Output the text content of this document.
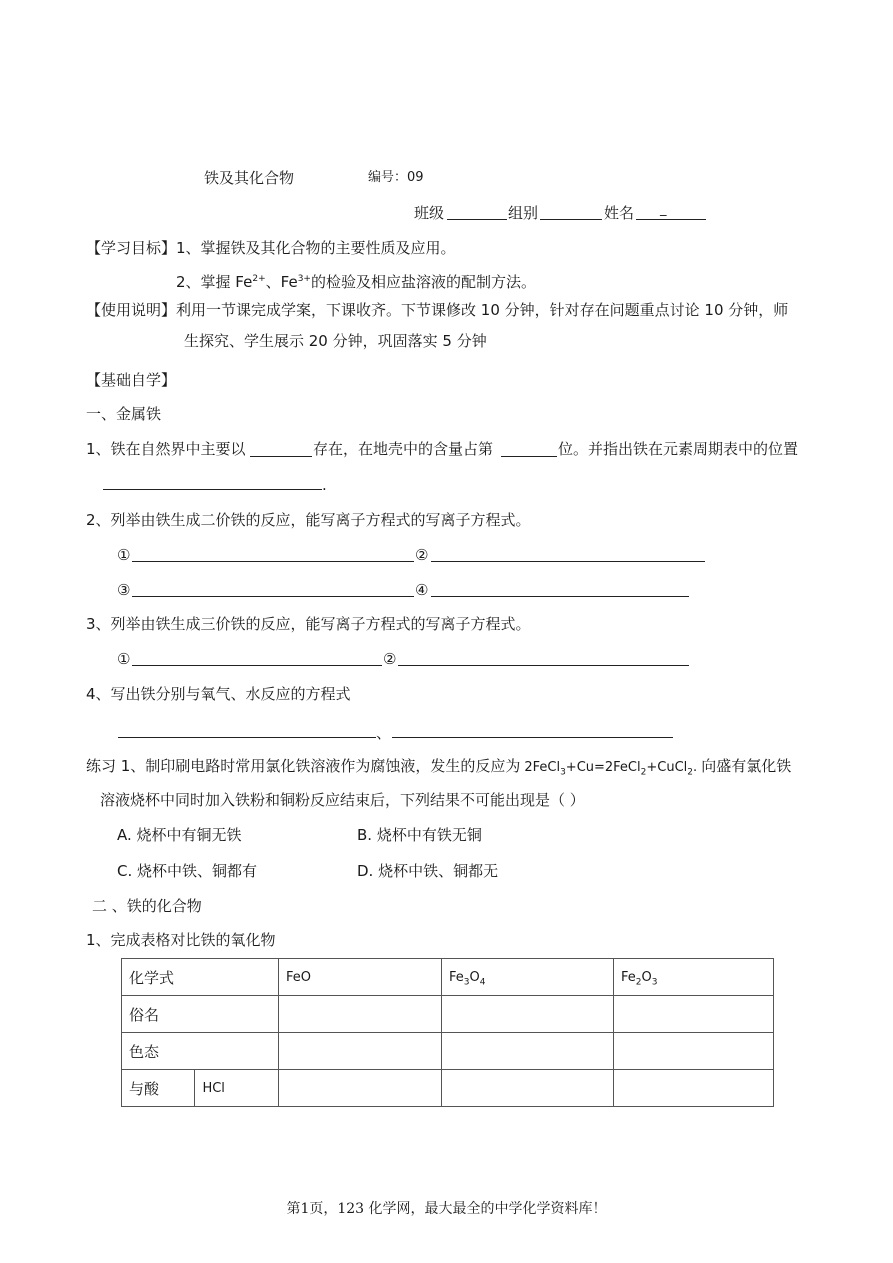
铁及其化合物	编号：09
班级	组别	姓名 _
【学习目标】1、掌握铁及其化合物的主要性质及应用。
2、掌握 $Fe^{2+}$、$Fe^{3+}$的检验及相应盐溶液的配制方法。
【使用说明】利用一节课完成学案，下课收齐。下节课修改 10 分钟，针对存在问题重点讨论 10 分钟，师
生探究、学生展示 20 分钟，巩固落实 5 分钟
【基础自学】
一、金属铁
1、铁在自然界中主要以	存在，在地壳中的含量占第	位。并指出铁在元素周期表中的位置
.
2、列举由铁生成二价铁的反应，能写离子方程式的写离子方程式。
①	②
③	④
3、列举由铁生成三价铁的反应，能写离子方程式的写离子方程式。
①	②
4、写出铁分别与氧气、水反应的方程式
、
练习 1、制印刷电路时常用氯化铁溶液作为腐蚀液，发生的反应为 2FeCl$_3$+Cu=2FeCl$_2$+CuCl$_2$. 向盛有氯化铁
溶液烧杯中同时加入铁粉和铜粉反应结束后，下列结果不可能出现是（ ）
A. 烧杯中有铜无铁	B. 烧杯中有铁无铜
C. 烧杯中铁、铜都有	D. 烧杯中铁、铜都无
二 、铁的化合物
1、完成表格对比铁的氧化物
化学式		FeO	$Fe_3O_4$	$Fe_2O_3$
俗名				
色态				
与酸	HCl			
第1页，123 化学网，最大最全的中学化学资料库！
